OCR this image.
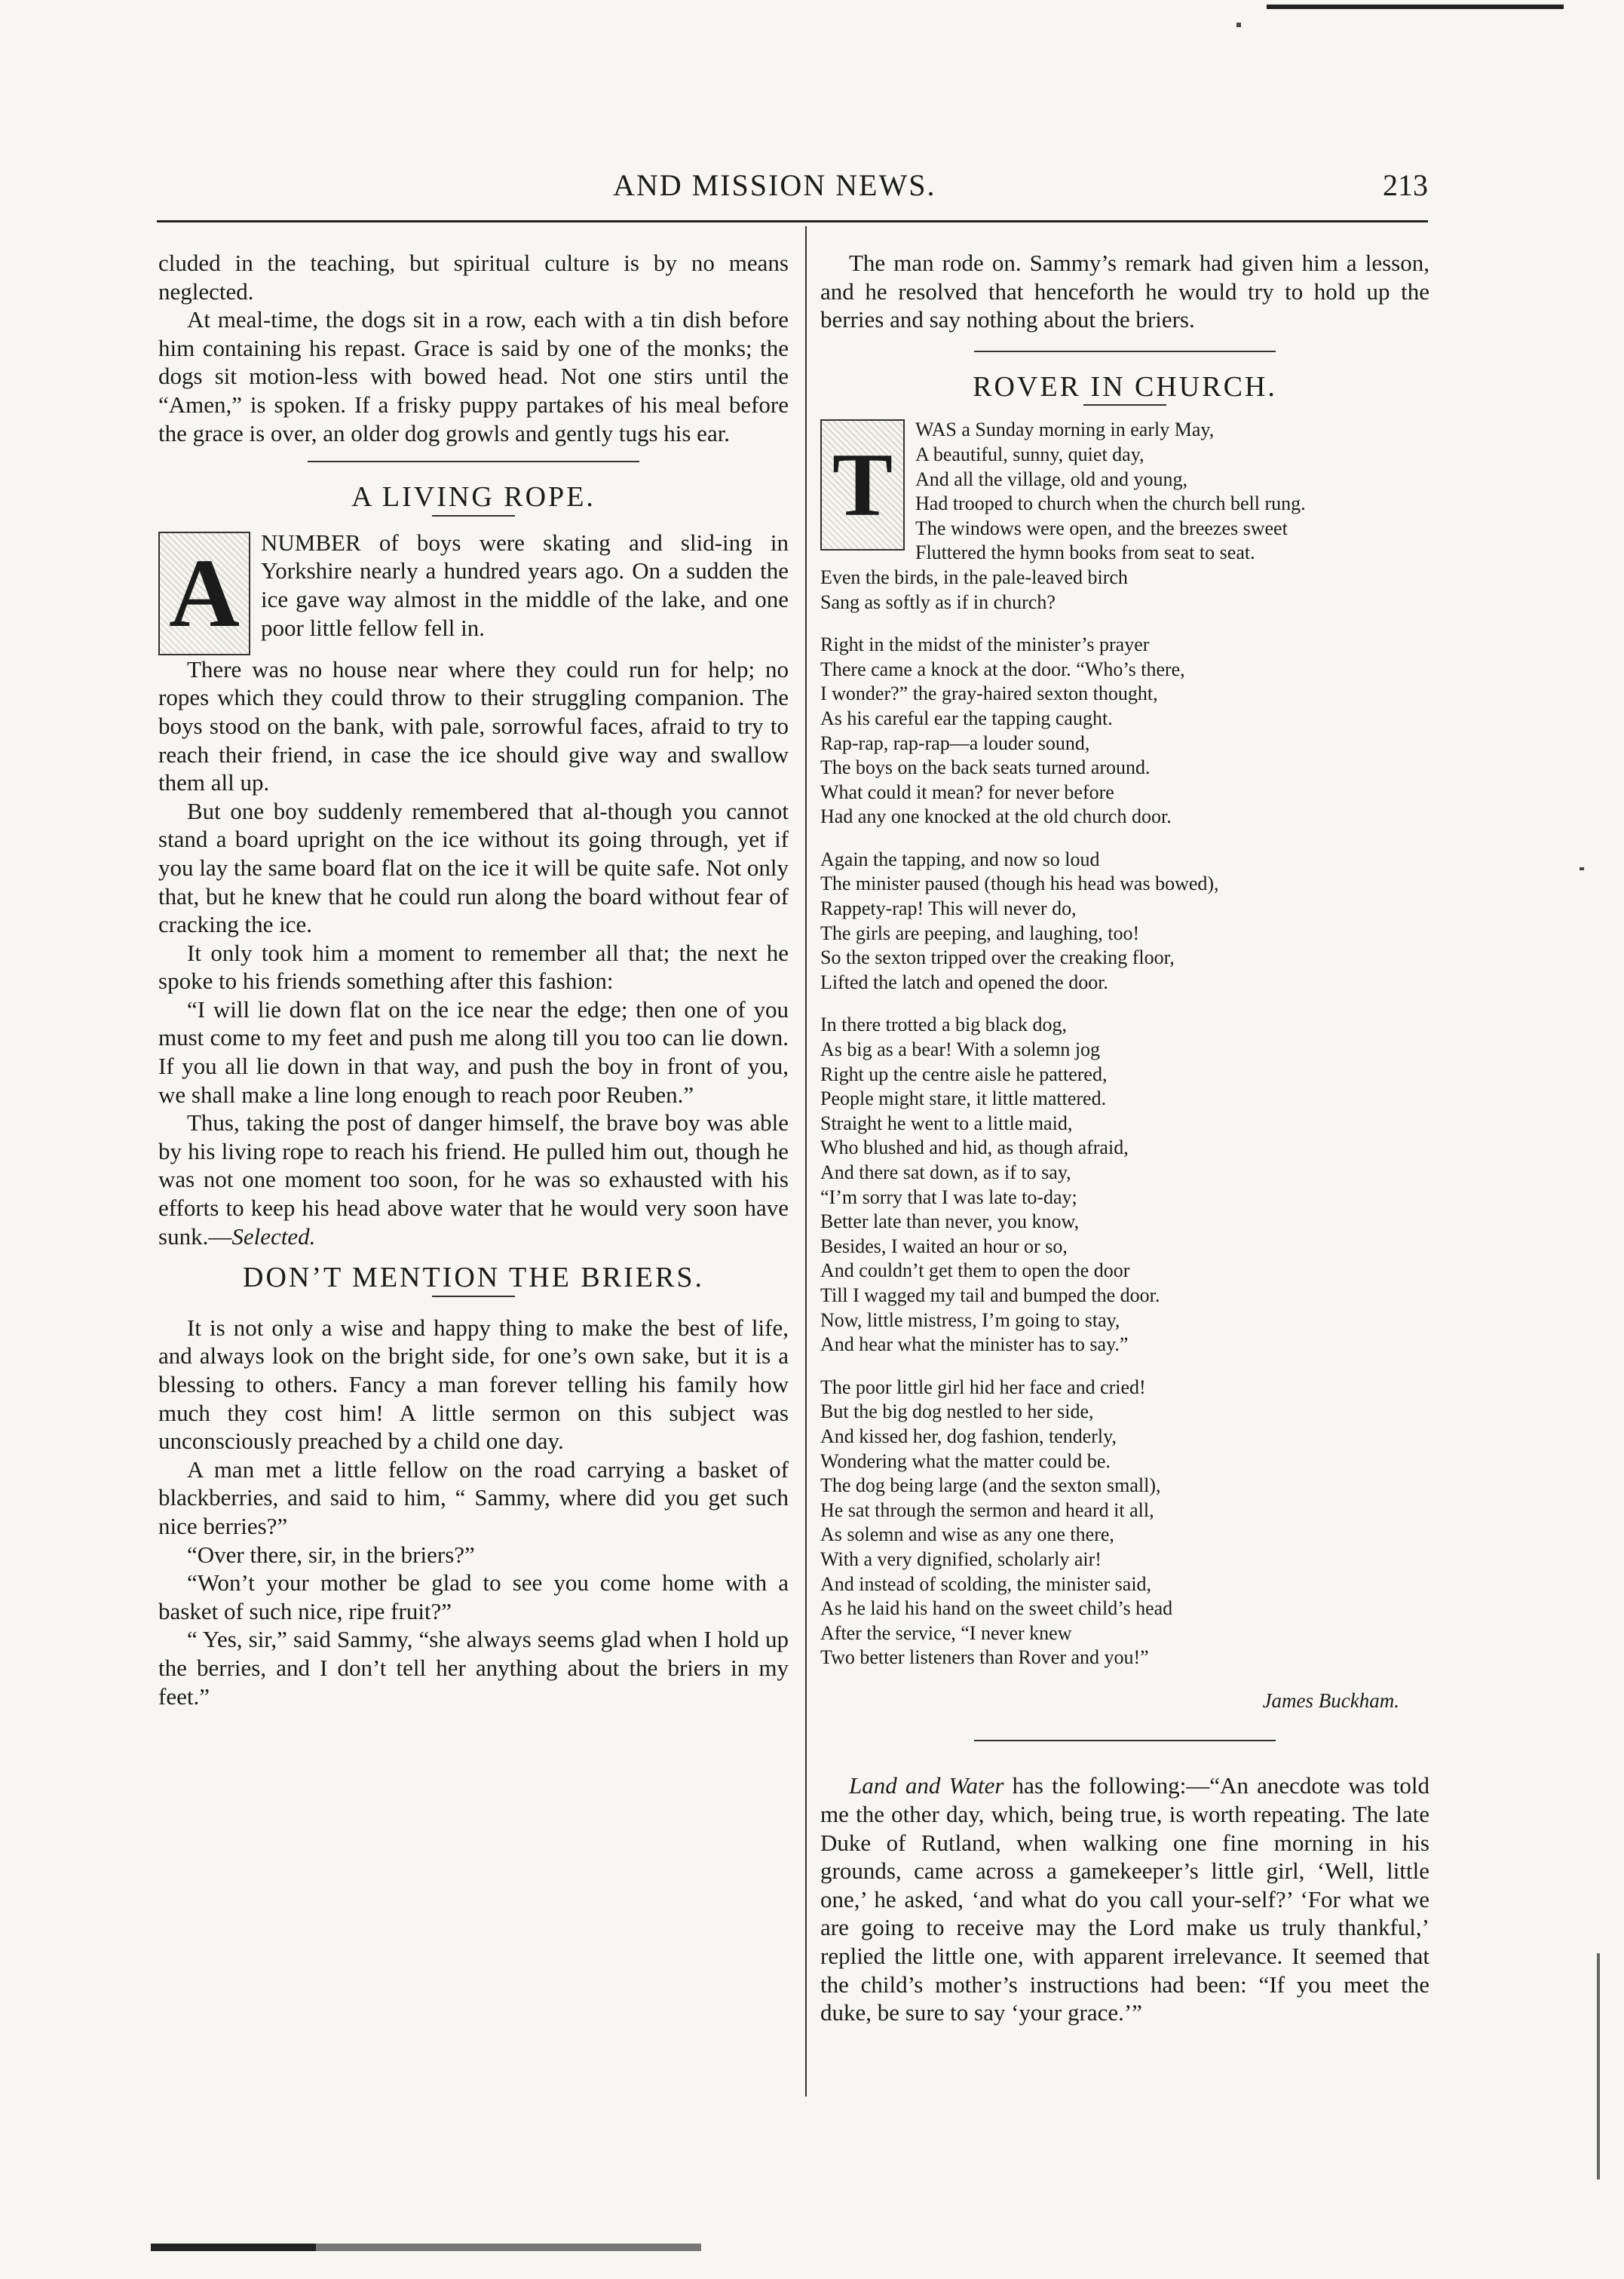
AND MISSION NEWS.	213

cluded in the teaching, but spiritual culture is by no means neglected.

At meal-time, the dogs sit in a row, each with a tin dish before him containing his repast. Grace is said by one of the monks; the dogs sit motion-less with bowed head. Not one stirs until the “Amen,” is spoken. If a frisky puppy partakes of his meal before the grace is over, an older dog growls and gently tugs his ear.

A LIVING ROPE.
A NUMBER of boys were skating and slid-ing in Yorkshire nearly a hundred years ago. On a sudden the ice gave way almost in the middle of the lake, and one poor little fellow fell in.

There was no house near where they could run for help; no ropes which they could throw to their struggling companion. The boys stood on the bank, with pale, sorrowful faces, afraid to try to reach their friend, in case the ice should give way and swallow them all up.

But one boy suddenly remembered that al-though you cannot stand a board upright on the ice without its going through, yet if you lay the same board flat on the ice it will be quite safe. Not only that, but he knew that he could run along the board without fear of cracking the ice.

It only took him a moment to remember all that; the next he spoke to his friends something after this fashion:

“I will lie down flat on the ice near the edge; then one of you must come to my feet and push me along till you too can lie down. If you all lie down in that way, and push the boy in front of you, we shall make a line long enough to reach poor Reuben.”

Thus, taking the post of danger himself, the brave boy was able by his living rope to reach his friend. He pulled him out, though he was not one moment too soon, for he was so exhausted with his efforts to keep his head above water that he would very soon have sunk.—Selected.

DON’T MENTION THE BRIERS.

It is not only a wise and happy thing to make the best of life, and always look on the bright side, for one’s own sake, but it is a blessing to others. Fancy a man forever telling his family how much they cost him! A little sermon on this subject was unconsciously preached by a child one day.

A man met a little fellow on the road carrying a basket of blackberries, and said to him, “ Sammy, where did you get such nice berries?”

“Over there, sir, in the briers?”

“Won’t your mother be glad to see you come home with a basket of such nice, ripe fruit?”

“ Yes, sir,” said Sammy, “she always seems glad when I hold up the berries, and I don’t tell her anything about the briers in my feet.”

The man rode on. Sammy’s remark had given him a lesson, and he resolved that henceforth he would try to hold up the berries and say nothing about the briers.

ROVER IN CHURCH.
T
WAS a Sunday morning in early May,
A beautiful, sunny, quiet day,
And all the village, old and young,
Had trooped to church when the church bell rung.
The windows were open, and the breezes sweet
Fluttered the hymn books from seat to seat.
Even the birds, in the pale-leaved birch
Sang as softly as if in church?
Right in the midst of the minister’s prayer
There came a knock at the door. “Who’s there,
I wonder?” the gray-haired sexton thought,
As his careful ear the tapping caught.
Rap-rap, rap-rap—a louder sound,
The boys on the back seats turned around.
What could it mean? for never before
Had any one knocked at the old church door.
Again the tapping, and now so loud
The minister paused (though his head was bowed),
Rappety-rap! This will never do,
The girls are peeping, and laughing, too!
So the sexton tripped over the creaking floor,
Lifted the latch and opened the door.
In there trotted a big black dog,
As big as a bear! With a solemn jog
Right up the centre aisle he pattered,
People might stare, it little mattered.
Straight he went to a little maid,
Who blushed and hid, as though afraid,
And there sat down, as if to say,
“I’m sorry that I was late to-day;
Better late than never, you know,
Besides, I waited an hour or so,
And couldn’t get them to open the door
Till I wagged my tail and bumped the door.
Now, little mistress, I’m going to stay,
And hear what the minister has to say.”
The poor little girl hid her face and cried!
But the big dog nestled to her side,
And kissed her, dog fashion, tenderly,
Wondering what the matter could be.
The dog being large (and the sexton small),
He sat through the sermon and heard it all,
As solemn and wise as any one there,
With a very dignified, scholarly air!
And instead of scolding, the minister said,
As he laid his hand on the sweet child’s head
After the service, “I never knew
Two better listeners than Rover and you!”
James Buckham.

Land and Water has the following:—“An anecdote was told me the other day, which, being true, is worth repeating. The late Duke of Rutland, when walking one fine morning in his grounds, came across a gamekeeper’s little girl, ‘Well, little one,’ he asked, ‘and what do you call your-self?’ ‘For what we are going to receive may the Lord make us truly thankful,’ replied the little one, with apparent irrelevance. It seemed that the child’s mother’s instructions had been: “If you meet the duke, be sure to say ‘your grace.’”
